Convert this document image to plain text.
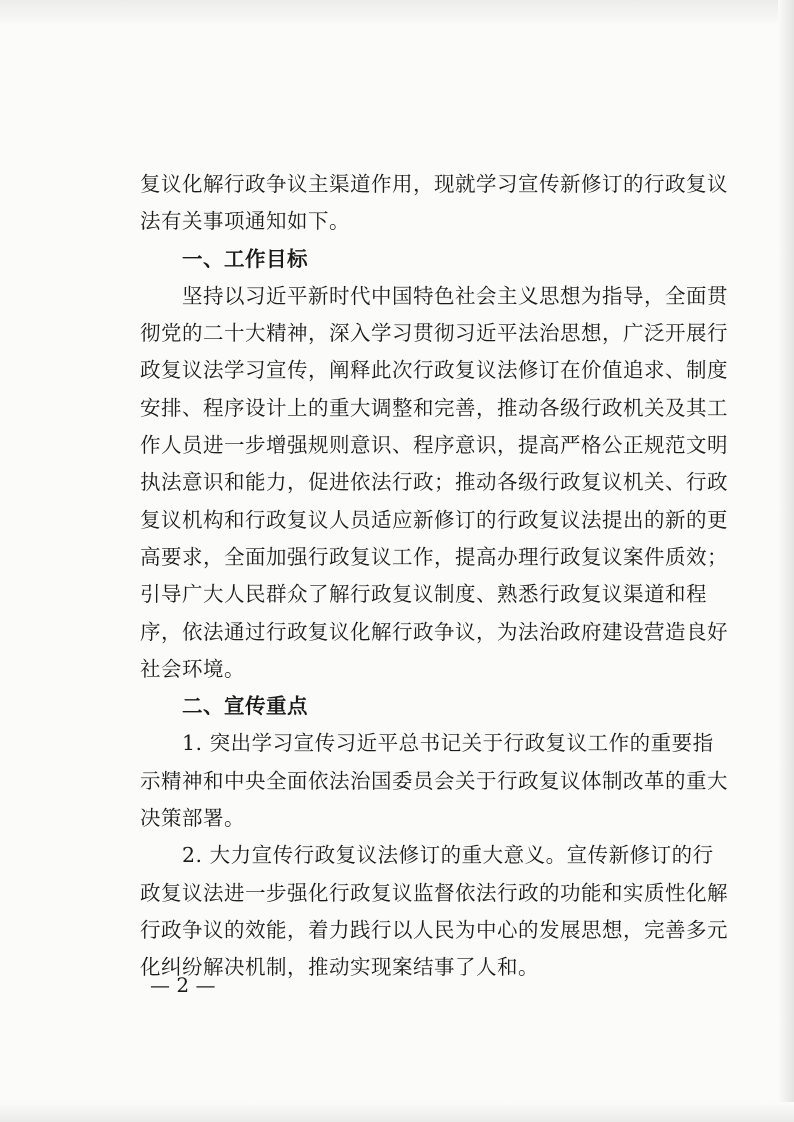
复议化解行政争议主渠道作用，现就学习宣传新修订的行政复议
法有关事项通知如下。
一、工作目标
坚持以习近平新时代中国特色社会主义思想为指导，全面贯
彻党的二十大精神，深入学习贯彻习近平法治思想，广泛开展行
政复议法学习宣传，阐释此次行政复议法修订在价值追求、制度
安排、程序设计上的重大调整和完善，推动各级行政机关及其工
作人员进一步增强规则意识、程序意识，提高严格公正规范文明
执法意识和能力，促进依法行政；推动各级行政复议机关、行政
复议机构和行政复议人员适应新修订的行政复议法提出的新的更
高要求，全面加强行政复议工作，提高办理行政复议案件质效；
引导广大人民群众了解行政复议制度、熟悉行政复议渠道和程
序，依法通过行政复议化解行政争议，为法治政府建设营造良好
社会环境。
二、宣传重点
1. 突出学习宣传习近平总书记关于行政复议工作的重要指
示精神和中央全面依法治国委员会关于行政复议体制改革的重大
决策部署。
2. 大力宣传行政复议法修订的重大意义。宣传新修订的行
政复议法进一步强化行政复议监督依法行政的功能和实质性化解
行政争议的效能，着力践行以人民为中心的发展思想，完善多元
化纠纷解决机制，推动实现案结事了人和。
— 2 —
